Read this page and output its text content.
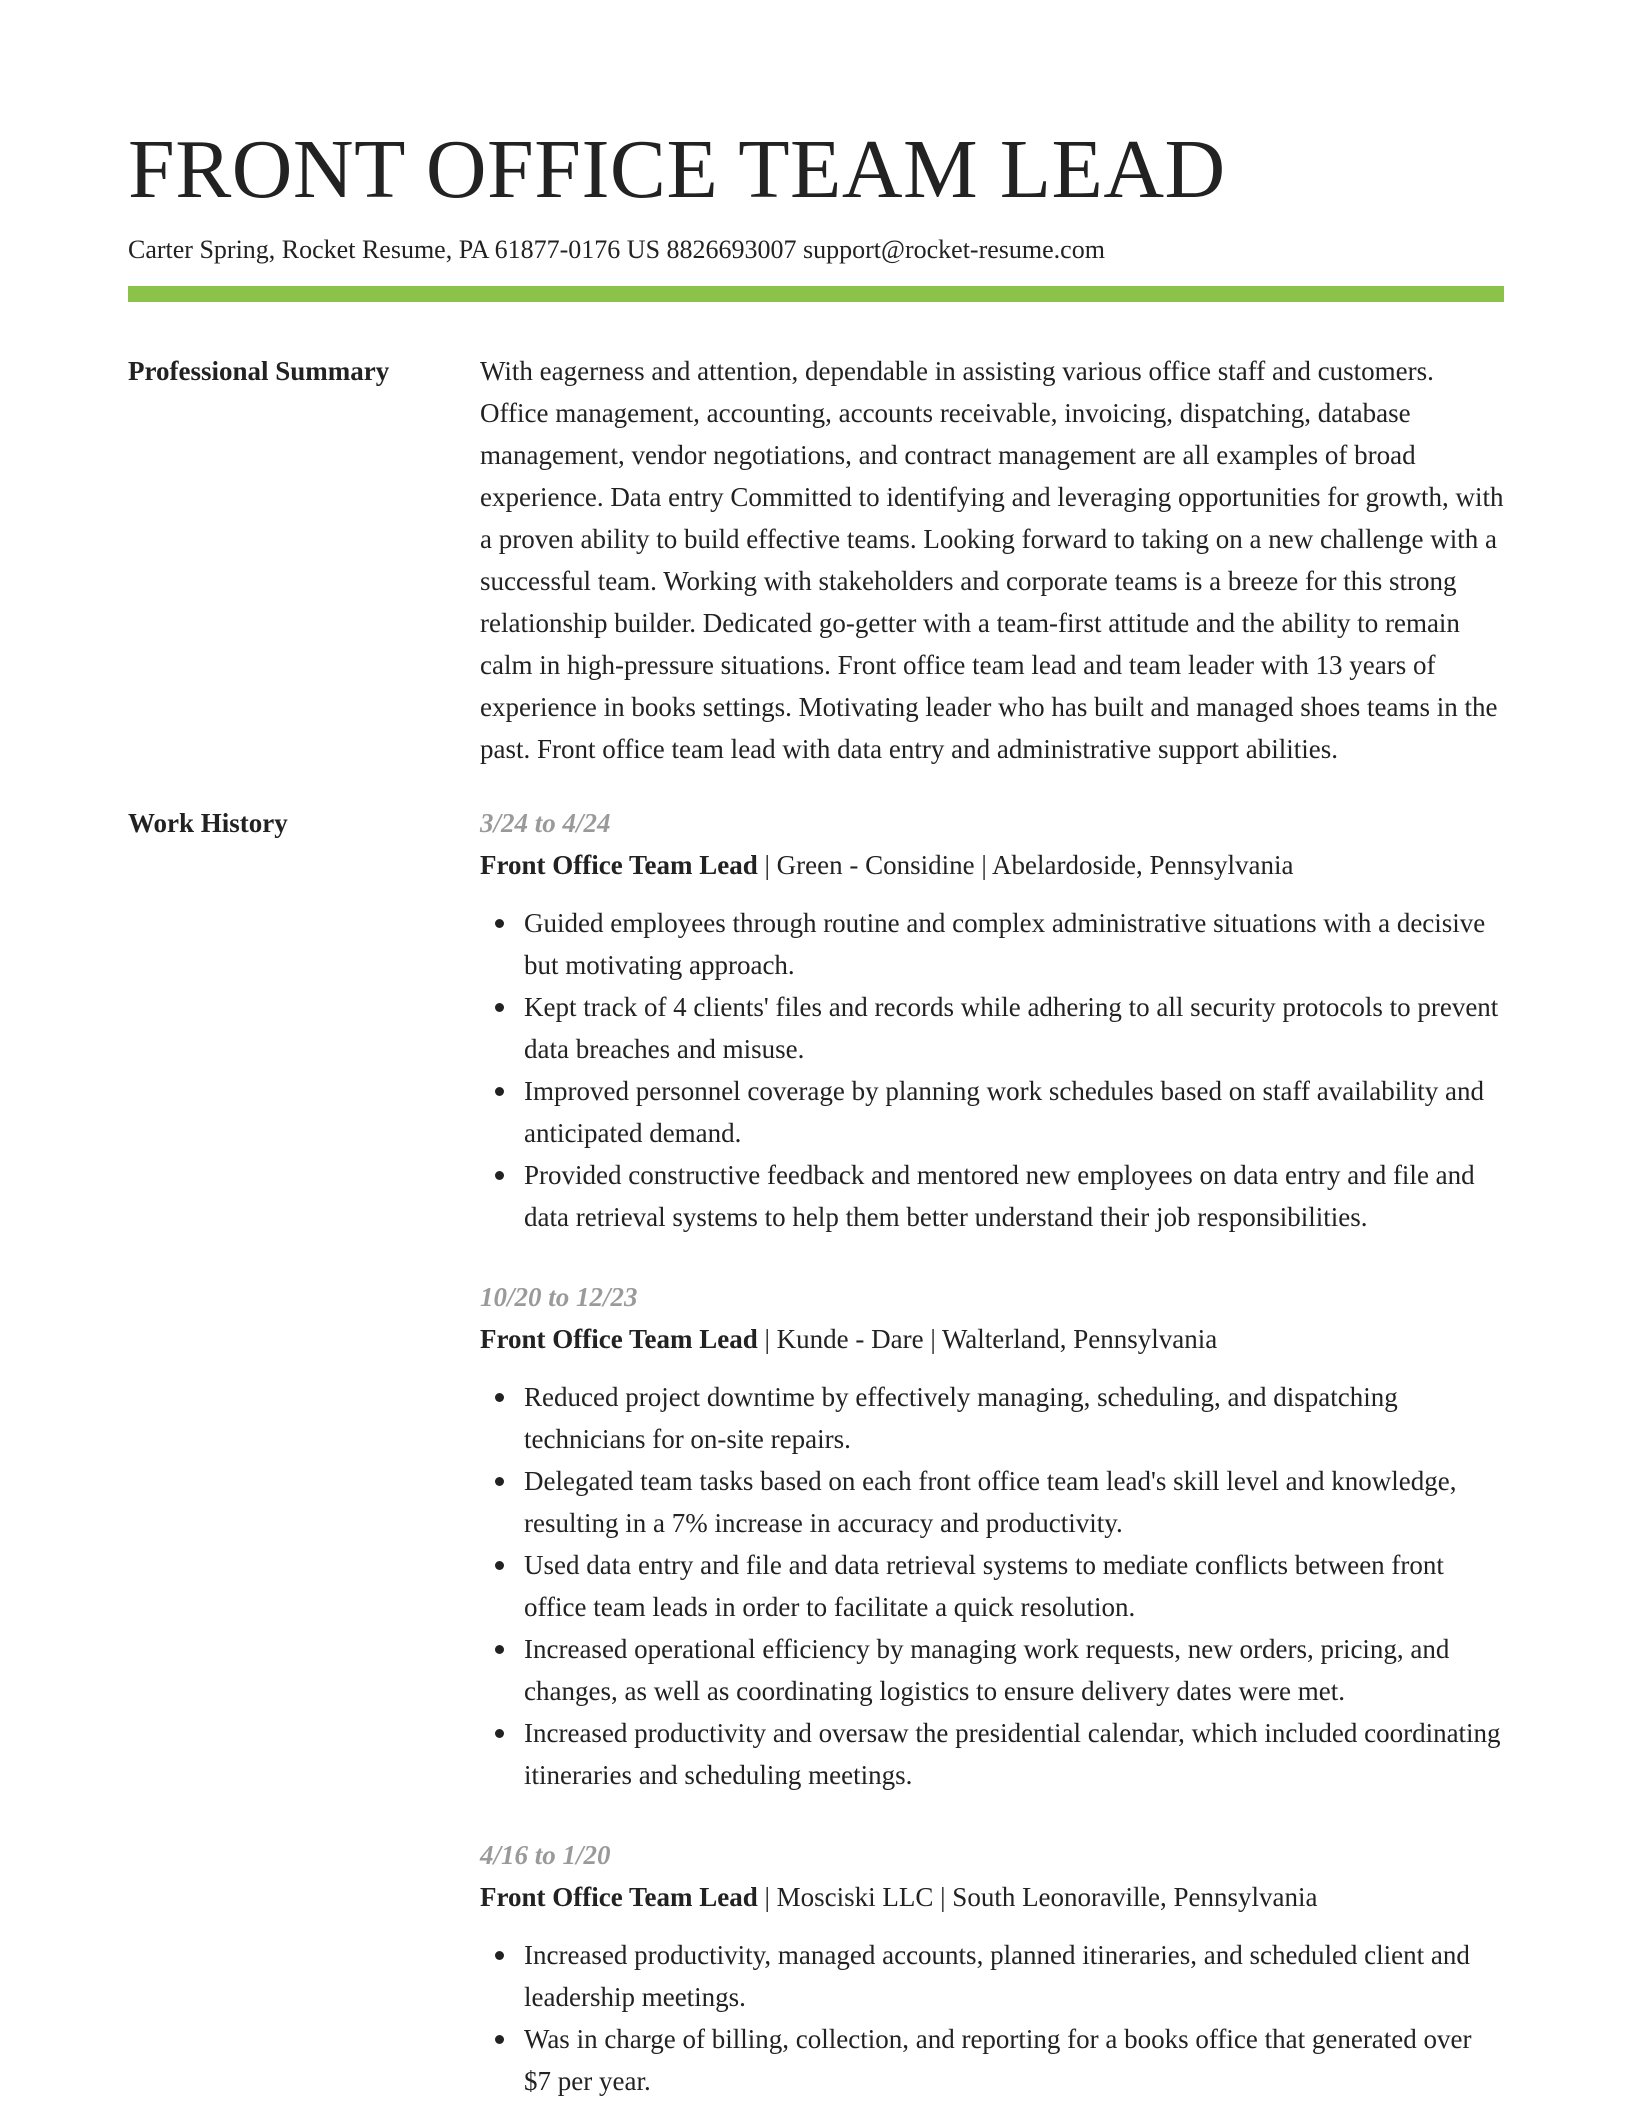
FRONT OFFICE TEAM LEAD
Carter Spring, Rocket Resume, PA 61877-0176 US 8826693007 support@rocket-resume.com
Professional Summary	With eagerness and attention, dependable in assisting various office staff and customers. Office management, accounting, accounts receivable, invoicing, dispatching, database management, vendor negotiations, and contract management are all examples of broad experience. Data entry Committed to identifying and leveraging opportunities for growth, with a proven ability to build effective teams. Looking forward to taking on a new challenge with a successful team. Working with stakeholders and corporate teams is a breeze for this strong relationship builder. Dedicated go-getter with a team-first attitude and the ability to remain calm in high-pressure situations. Front office team lead and team leader with 13 years of experience in books settings. Motivating leader who has built and managed shoes teams in the past. Front office team lead with data entry and administrative support abilities.
Work History	3/24 to 4/24
Front Office Team Lead | Green - Considine | Abelardoside, Pennsylvania
Guided employees through routine and complex administrative situations with a decisive but motivating approach.
Kept track of 4 clients' files and records while adhering to all security protocols to prevent data breaches and misuse.
Improved personnel coverage by planning work schedules based on staff availability and anticipated demand.
Provided constructive feedback and mentored new employees on data entry and file and data retrieval systems to help them better understand their job responsibilities.
10/20 to 12/23
Front Office Team Lead | Kunde - Dare | Walterland, Pennsylvania
Reduced project downtime by effectively managing, scheduling, and dispatching technicians for on-site repairs.
Delegated team tasks based on each front office team lead's skill level and knowledge, resulting in a 7% increase in accuracy and productivity.
Used data entry and file and data retrieval systems to mediate conflicts between front office team leads in order to facilitate a quick resolution.
Increased operational efficiency by managing work requests, new orders, pricing, and changes, as well as coordinating logistics to ensure delivery dates were met.
Increased productivity and oversaw the presidential calendar, which included coordinating itineraries and scheduling meetings.
4/16 to 1/20
Front Office Team Lead | Mosciski LLC | South Leonoraville, Pennsylvania
Increased productivity, managed accounts, planned itineraries, and scheduled client and leadership meetings.
Was in charge of billing, collection, and reporting for a books office that generated over $7 per year.
